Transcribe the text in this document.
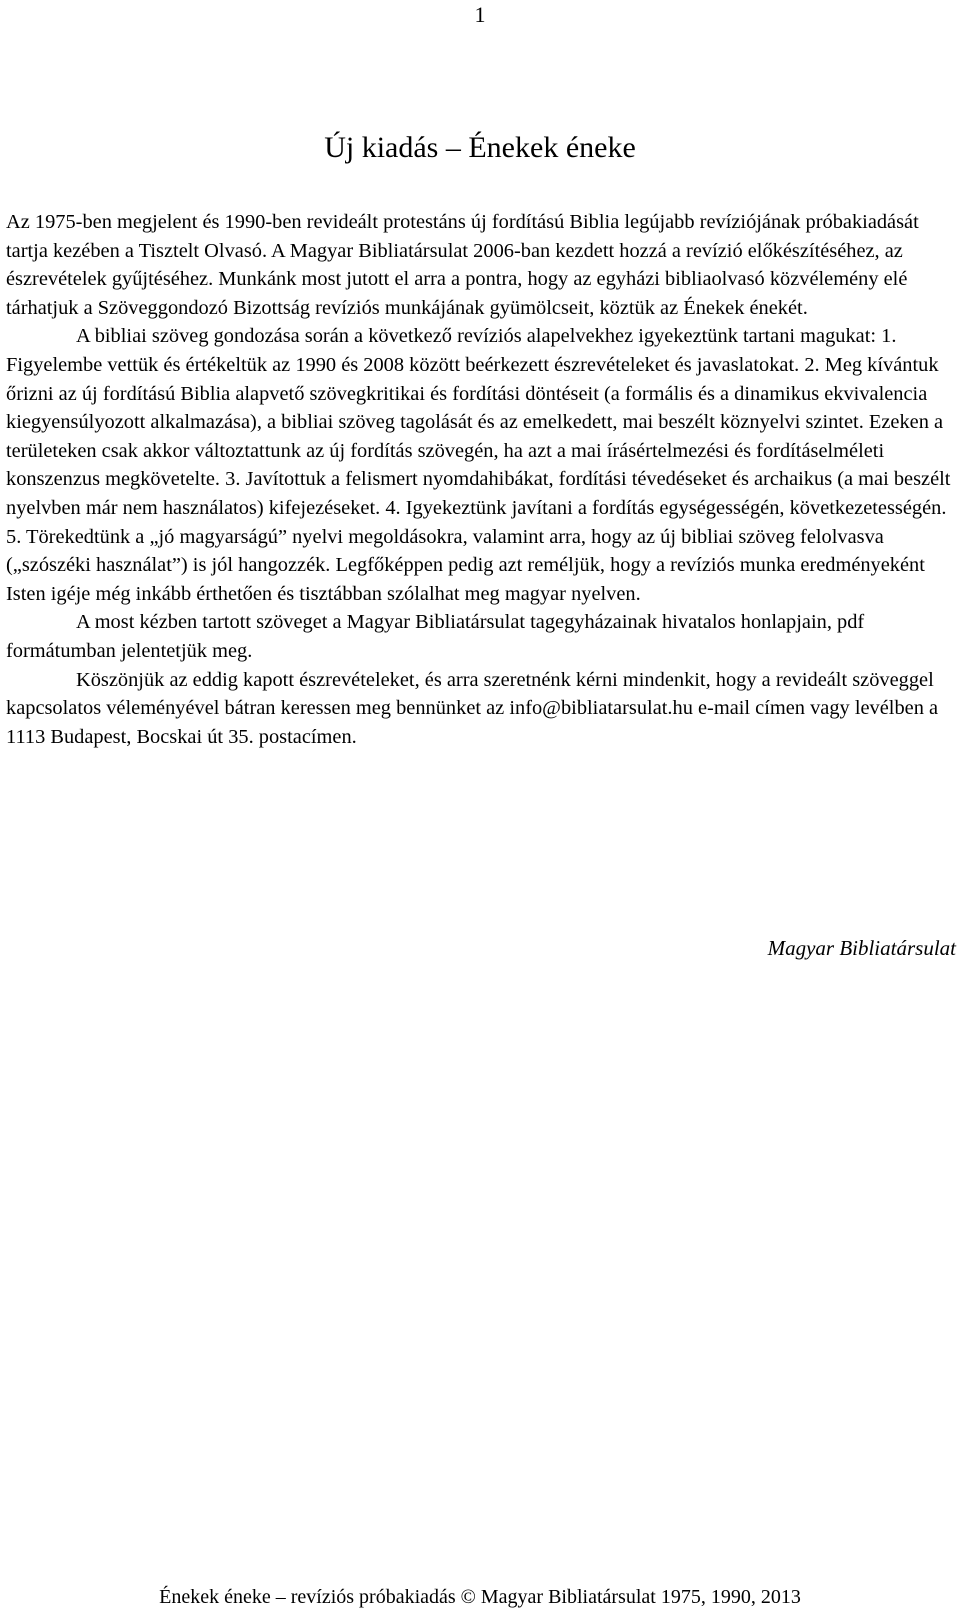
1
Új kiadás – Énekek éneke

Az 1975-ben megjelent és 1990-ben revideált protestáns új fordítású Biblia legújabb revíziójának próbakiadását tartja kezében a Tisztelt Olvasó. A Magyar Bibliatársulat 2006-ban kezdett hozzá a revízió előkészítéséhez, az észrevételek gyűjtéséhez. Munkánk most jutott el arra a pontra, hogy az egyházi bibliaolvasó közvélemény elé tárhatjuk a Szöveggondozó Bizottság revíziós munkájának gyümölcseit, köztük az Énekek énekét.

A bibliai szöveg gondozása során a következő revíziós alapelvekhez igyekeztünk tartani magukat: 1. Figyelembe vettük és értékeltük az 1990 és 2008 között beérkezett észrevételeket és javaslatokat. 2. Meg kívántuk őrizni az új fordítású Biblia alapvető szövegkritikai és fordítási döntéseit (a formális és a dinamikus ekvivalencia kiegyensúlyozott alkalmazása), a bibliai szöveg tagolását és az emelkedett, mai beszélt köznyelvi szintet. Ezeken a területeken csak akkor változtattunk az új fordítás szövegén, ha azt a mai írásértelmezési és fordításelméleti konszenzus megkövetelte. 3. Javítottuk a felismert nyomdahibákat, fordítási tévedéseket és archaikus (a mai beszélt nyelvben már nem használatos) kifejezéseket. 4. Igyekeztünk javítani a fordítás egységességén, következetességén. 5. Törekedtünk a „jó magyarságú” nyelvi megoldásokra, valamint arra, hogy az új bibliai szöveg felolvasva („szószéki használat”) is jól hangozzék. Legfőképpen pedig azt reméljük, hogy a revíziós munka eredményeként Isten igéje még inkább érthetően és tisztábban szólalhat meg magyar nyelven.

A most kézben tartott szöveget a Magyar Bibliatársulat tagegyházainak hivatalos honlapjain, pdf formátumban jelentetjük meg.

Köszönjük az eddig kapott észrevételeket, és arra szeretnénk kérni mindenkit, hogy a revideált szöveggel kapcsolatos véleményével bátran keressen meg bennünket az info@bibliatarsulat.hu e-mail címen vagy levélben a 1113 Budapest, Bocskai út 35. postacímen.

Magyar Bibliatársulat
Énekek éneke – revíziós próbakiadás © Magyar Bibliatársulat 1975, 1990, 2013
